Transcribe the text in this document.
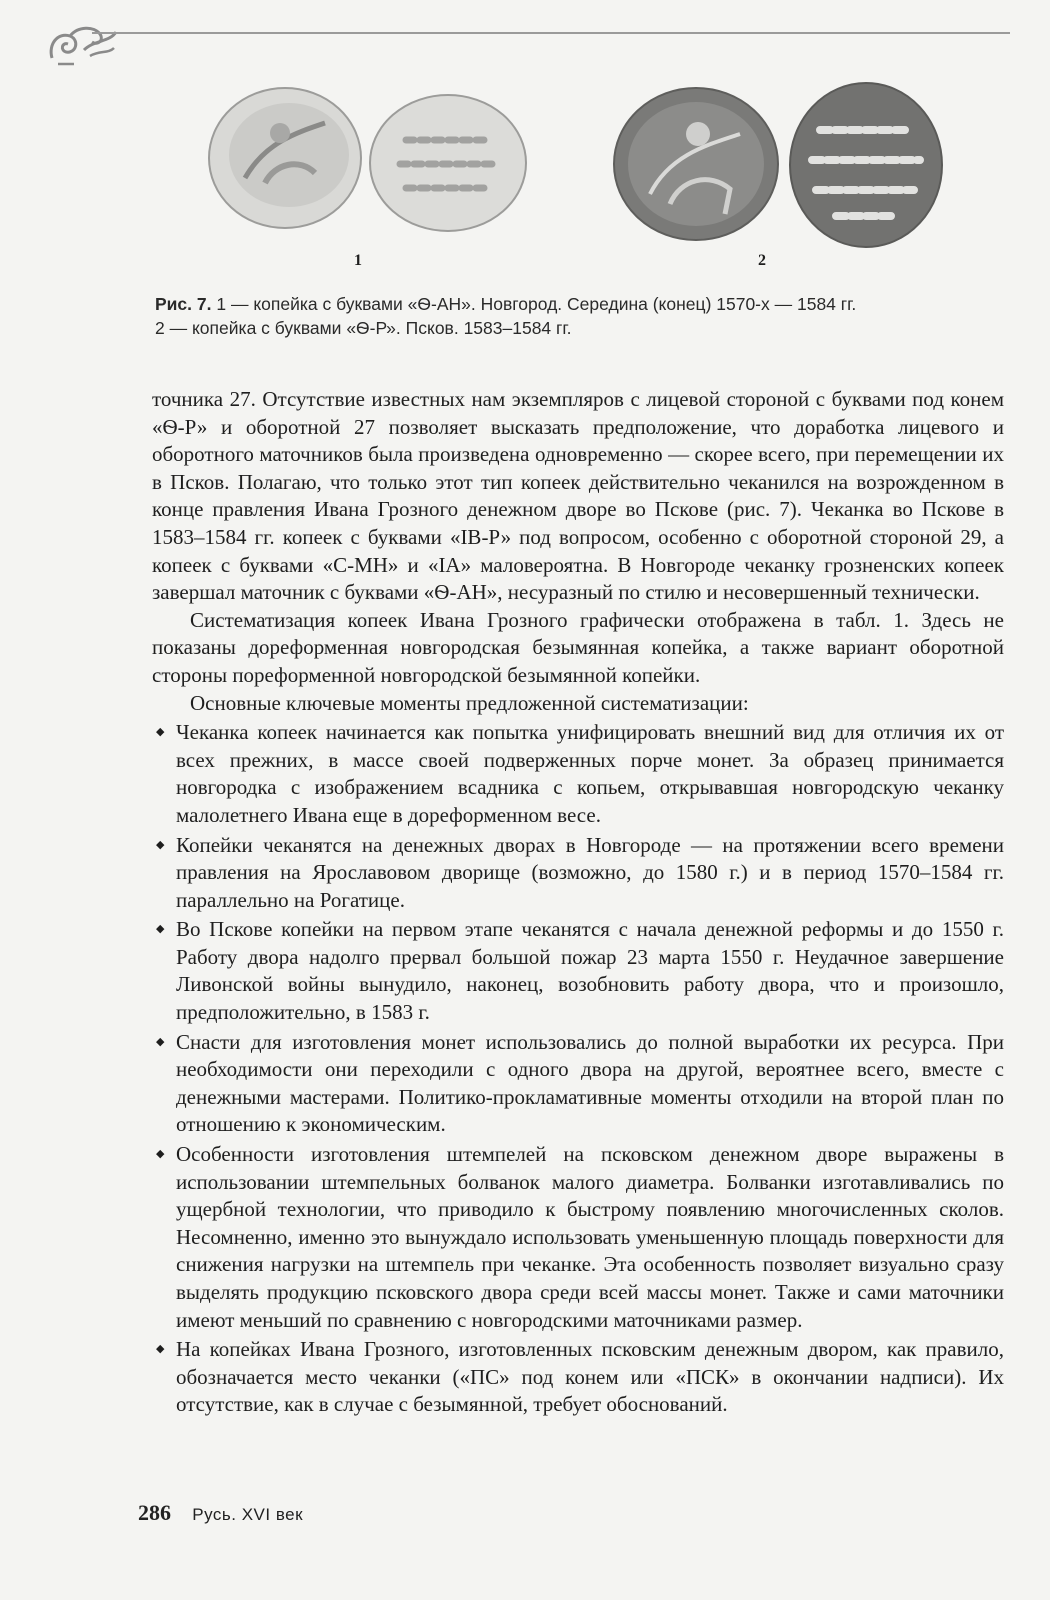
1	2
Рис. 7. 1 — копейка с буквами «Ѳ-АН». Новгород. Середина (конец) 1570-х — 1584 гг.
2 — копейка с буквами «Ѳ-Р». Псков. 1583–1584 гг.

точника 27. Отсутствие известных нам экземпляров с лицевой стороной с буквами под конем «Ѳ-Р» и оборотной 27 позволяет высказать предположение, что доработка лицевого и оборотного маточников была произведена одновременно — скорее всего, при перемещении их в Псков. Полагаю, что только этот тип копеек действительно чеканился на возрожденном в конце правления Ивана Грозного денежном дворе во Пскове (рис. 7). Чеканка во Пскове в 1583–1584 гг. копеек с буквами «IВ-Р» под вопросом, особенно с оборотной стороной 29, а копеек с буквами «С-МН» и «ІА» маловероятна. В Новгороде чеканку грозненских копеек завершал маточник с буквами «Ѳ-АН», несуразный по стилю и несовершенный технически.

Систематизация копеек Ивана Грозного графически отображена в табл. 1. Здесь не показаны дореформенная новгородская безымянная копейка, а также вариант оборотной стороны пореформенной новгородской безымянной копейки.

Основные ключевые моменты предложенной систематизации:

◆ Чеканка копеек начинается как попытка унифицировать внешний вид для отличия их от всех прежних, в массе своей подверженных порче монет. За образец принимается новгородка с изображением всадника с копьем, открывавшая новгородскую чеканку малолетнего Ивана еще в дореформенном весе.
◆ Копейки чеканятся на денежных дворах в Новгороде — на протяжении всего времени правления на Ярославовом дворище (возможно, до 1580 г.) и в период 1570–1584 гг. параллельно на Рогатице.
◆ Во Пскове копейки на первом этапе чеканятся с начала денежной реформы и до 1550 г. Работу двора надолго прервал большой пожар 23 марта 1550 г. Неудачное завершение Ливонской войны вынудило, наконец, возобновить работу двора, что и произошло, предположительно, в 1583 г.
◆ Снасти для изготовления монет использовались до полной выработки их ресурса. При необходимости они переходили с одного двора на другой, вероятнее всего, вместе с денежными мастерами. Политико-прокламативные моменты отходили на второй план по отношению к экономическим.
◆ Особенности изготовления штемпелей на псковском денежном дворе выражены в использовании штемпельных болванок малого диаметра. Болванки изготавливались по ущербной технологии, что приводило к быстрому появлению многочисленных сколов. Несомненно, именно это вынуждало использовать уменьшенную площадь поверхности для снижения нагрузки на штемпель при чеканке. Эта особенность позволяет визуально сразу выделять продукцию псковского двора среди всей массы монет. Также и сами маточники имеют меньший по сравнению с новгородскими маточниками размер.
◆ На копейках Ивана Грозного, изготовленных псковским денежным двором, как правило, обозначается место чеканки («ПС» под конем или «ПСК» в окончании надписи). Их отсутствие, как в случае с безымянной, требует обоснований.
286 Русь. XVI век
